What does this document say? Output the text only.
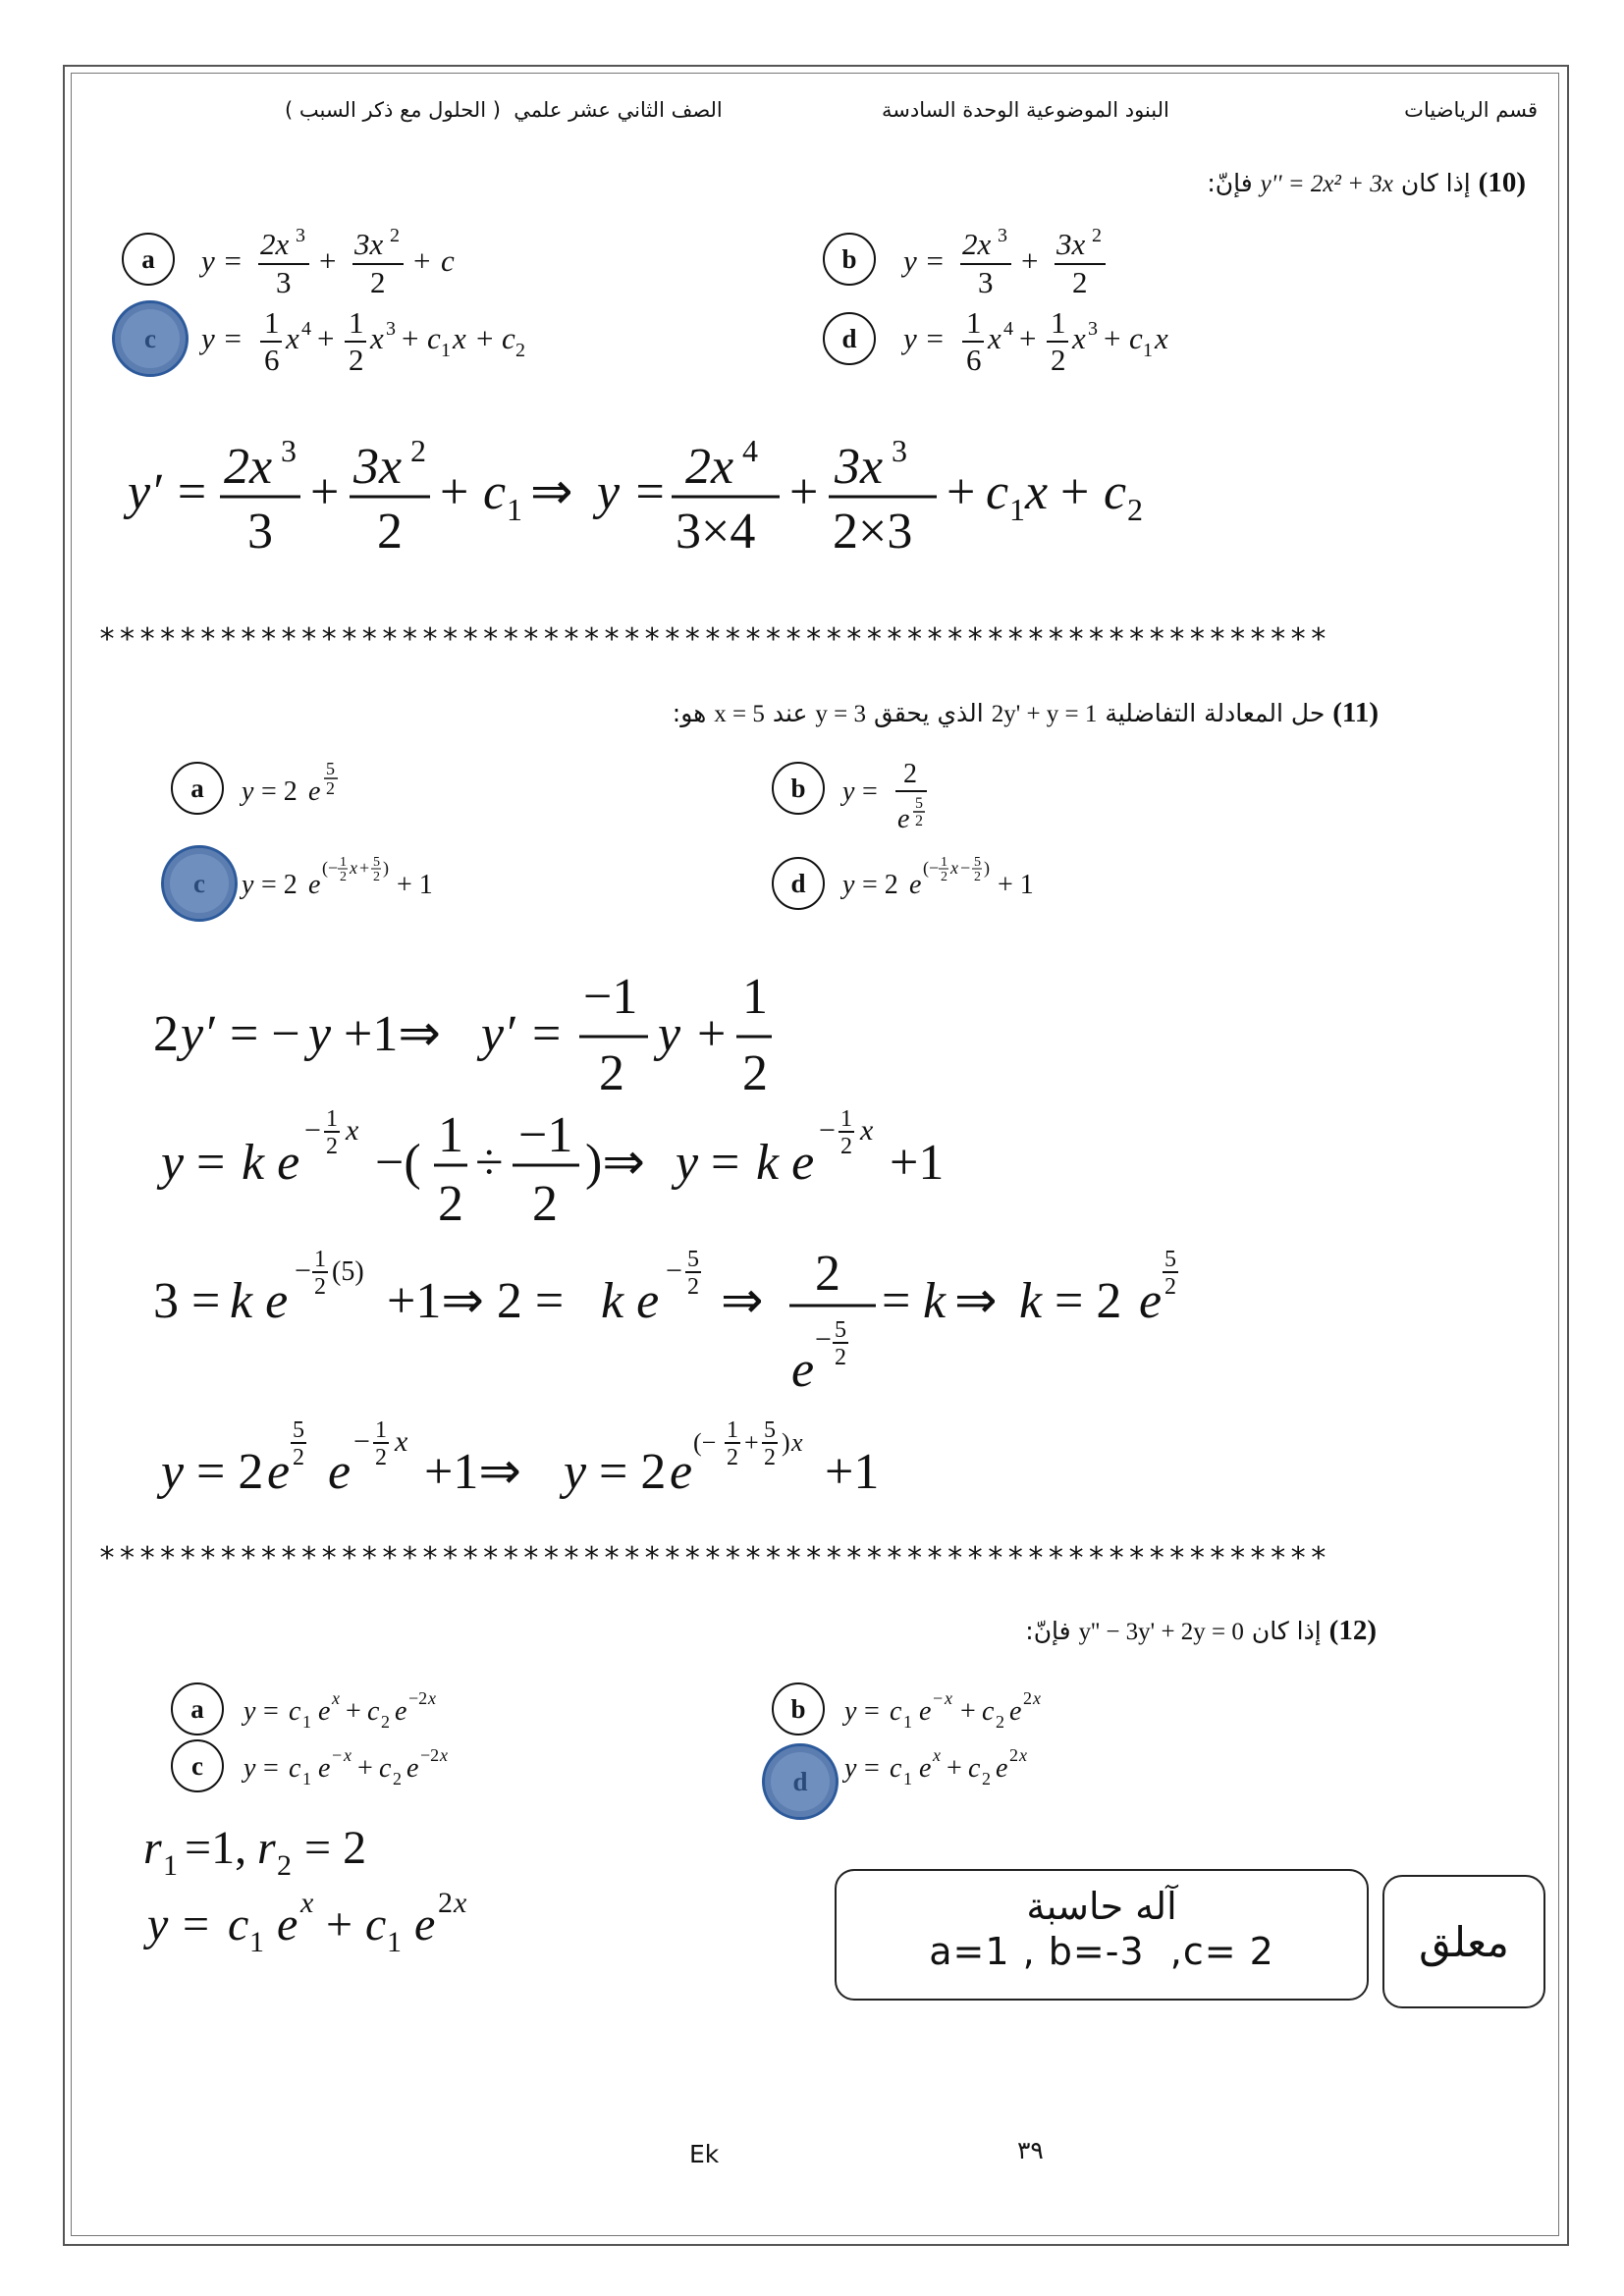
قسم الرياضيات
البنود الموضوعية الوحدة السادسة
الصف الثاني عشر علمي  ( الحلول مع ذكر السبب )
(10) إذا كان y'' = 2x² + 3x فإنّ:
a	y = 2x 3
3
+ 3x 2
2
+ c	b	y = 2x 3
3
+ 3x 2
2
c	y = 1
6
x 4 + 1
2
x 3 + c 1 x + c 2	d	y = 1
6
x 4 + 1
2
x 3 + c 1 x
y′ = 2x 3
3
+ 3x 2
2
+ c 1 ⇒ y = 2x 4
3×4
+ 3x 3
2×3
+ c 1 x + c 2
*************************************************************
(11) حل المعادلة التفاضلية 2y' + y = 1 الذي يحقق y = 3 عند x = 5 هو:
a	y = 2 e
5
2	b	y =
2
e
5
2
c	y = 2 e
(− 1
2 x + 5
2 )
+ 1	d	y = 2 e
(− 1
2 x − 5
2 )
+ 1
2 y′ = − y +1⇒ y′ =
−1
2
y +
1
2
y = k e
− 1
2 x
−( 1
2
÷ −1
2
)⇒ y = k e
− 1
2 x
+1
3 = k e
− 1
2 (5)
+1⇒ 2 = k e
− 5
2 ⇒ 2
e
− 5
2
= k ⇒ k = 2 e
5
2
y = 2 e
5
2 e
− 1
2 x
+1⇒ y = 2 e
(− 1
2
+ 5
2
) x
+1
*************************************************************
(12) إذا كان y'' − 3y' + 2y = 0 فإنّ:
a	y = c 1 e x + c 2 e −2 x	b	y = c 1 e − x + c 2 e 2 x
c	y = c 1 e − x + c 2 e −2 x
d	y = c 1 e x + c 2 e 2 x
r 1 =1, r 2 = 2
y = c 1 e x + c 1 e 2 x	آله حاسبة
a=1 , b=-3  ,c= 2	معلق
Ek	٣٩
